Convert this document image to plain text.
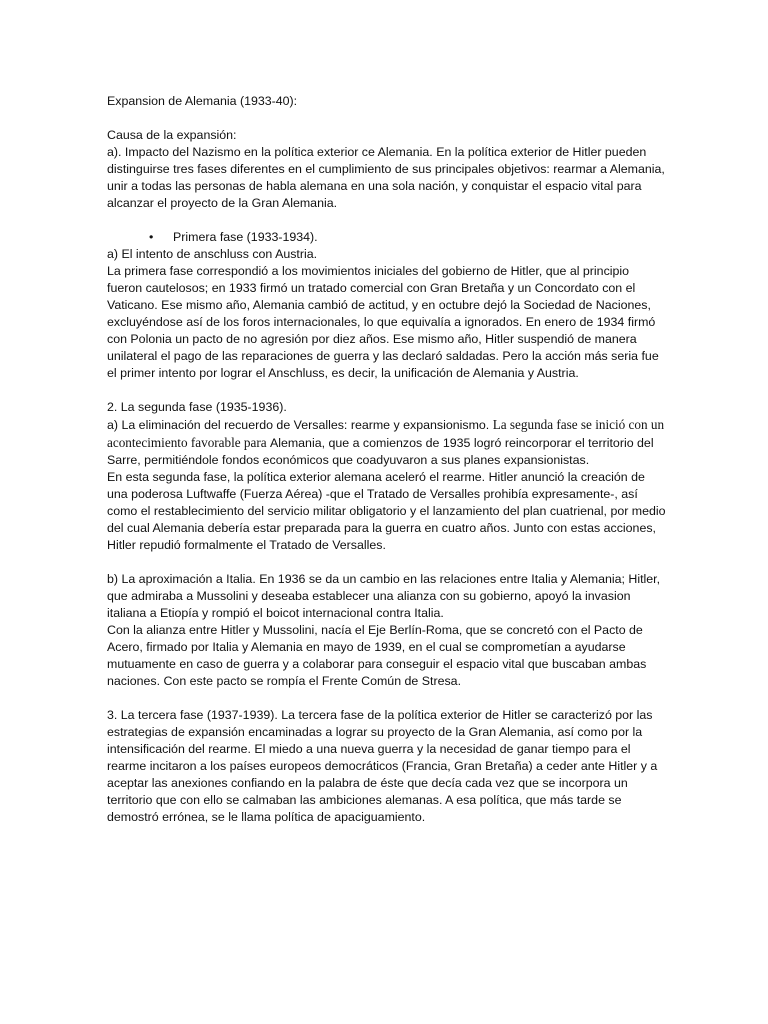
Expansion de Alemania (1933-40):

Causa de la expansión:

a). Impacto del Nazismo en la política exterior ce Alemania. En la política exterior de Hitler pueden distinguirse tres fases diferentes en el cumplimiento de sus principales objetivos: rearmar a Alemania, unir a todas las personas de habla alemana en una sola nación, y conquistar el espacio vital para alcanzar el proyecto de la Gran Alemania.

• Primera fase (1933-1934).

a) El intento de anschluss con Austria.

La primera fase correspondió a los movimientos iniciales del gobierno de Hitler, que al principio fueron cautelosos; en 1933 firmó un tratado comercial con Gran Bretaña y un Concordato con el Vaticano. Ese mismo año, Alemania cambió de actitud, y en octubre dejó la Sociedad de Naciones, excluyéndose así de los foros internacionales, lo que equivalía a ignorados. En enero de 1934 firmó con Polonia un pacto de no agresión por diez años. Ese mismo año, Hitler suspendió de manera unilateral el pago de las reparaciones de guerra y las declaró saldadas. Pero la acción más seria fue el primer intento por lograr el Anschluss, es decir, la unificación de Alemania y Austria.

2. La segunda fase (1935-1936).

a) La eliminación del recuerdo de Versalles: rearme y expansionismo. La segunda fase se inició con un acontecimiento favorable para Alemania, que a comienzos de 1935 logró reincorporar el territorio del Sarre, permitiéndole fondos económicos que coadyuvaron a sus planes expansionistas.

En esta segunda fase, la política exterior alemana aceleró el rearme. Hitler anunció la creación de una poderosa Luftwaffe (Fuerza Aérea) -que el Tratado de Versalles prohibía expresamente-, así como el restablecimiento del servicio militar obligatorio y el lanzamiento del plan cuatrienal, por medio del cual Alemania debería estar preparada para la guerra en cuatro años. Junto con estas acciones, Hitler repudió formalmente el Tratado de Versalles.

b) La aproximación a Italia. En 1936 se da un cambio en las relaciones entre Italia y Alemania; Hitler, que admiraba a Mussolini y deseaba establecer una alianza con su gobierno, apoyó la invasion italiana a Etiopía y rompió el boicot internacional contra Italia.

Con la alianza entre Hitler y Mussolini, nacía el Eje Berlín-Roma, que se concretó con el Pacto de Acero, firmado por Italia y Alemania en mayo de 1939, en el cual se comprometían a ayudarse mutuamente en caso de guerra y a colaborar para conseguir el espacio vital que buscaban ambas naciones. Con este pacto se rompía el Frente Común de Stresa.

3. La tercera fase (1937-1939). La tercera fase de la política exterior de Hitler se caracterizó por las estrategias de expansión encaminadas a lograr su proyecto de la Gran Alemania, así como por la intensificación del rearme. El miedo a una nueva guerra y la necesidad de ganar tiempo para el rearme incitaron a los países europeos democráticos (Francia, Gran Bretaña) a ceder ante Hitler y a aceptar las anexiones confiando en la palabra de éste que decía cada vez que se incorpora un territorio que con ello se calmaban las ambiciones alemanas. A esa política, que más tarde se demostró errónea, se le llama política de apaciguamiento.
